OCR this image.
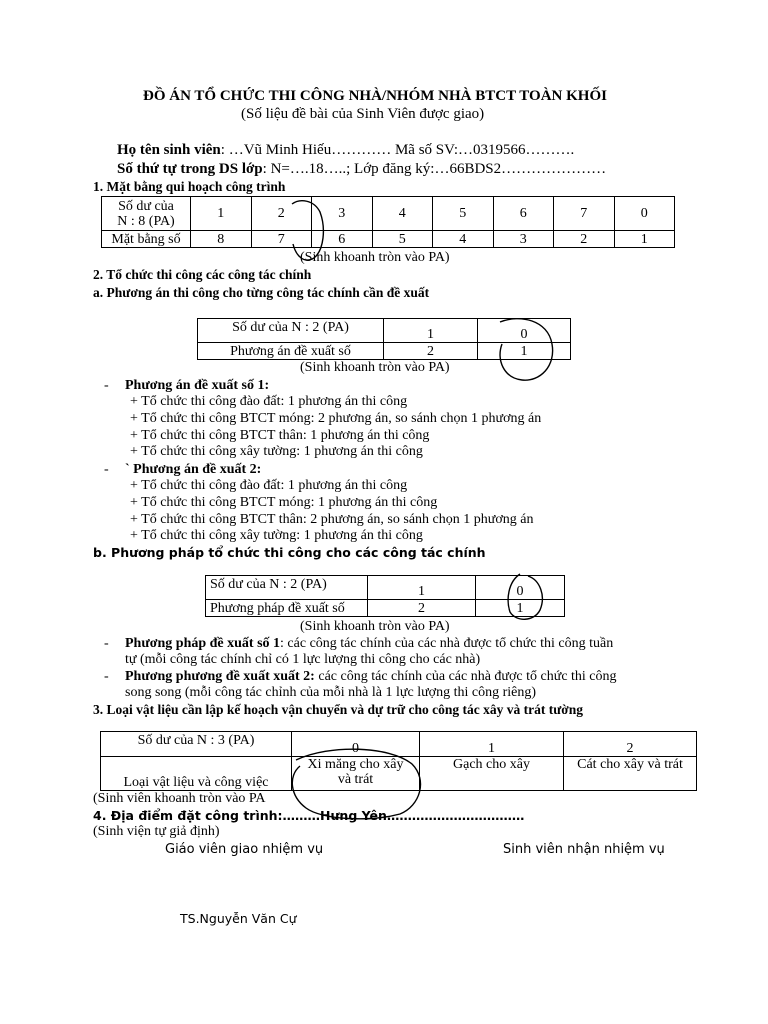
ĐỒ ÁN TỔ CHỨC THI CÔNG NHÀ/NHÓM NHÀ BTCT TOÀN KHỐI
(Số liệu đề bài của Sinh Viên được giao)
Họ tên sinh viên: …Vũ Minh Hiếu………… Mã số SV:…0319566……….
Số thứ tự trong DS lớp: N=….18…..; Lớp đăng ký:…66BDS2…………………
1. Mặt bằng qui hoạch công trình
Số dư của
N : 8 (PA)	1	2	3	4	5	6	7	0
Mặt bằng số	8	7	6	5	4	3	2	1
(Sinh khoanh tròn vào PA)
2. Tổ chức thi công các công tác chính
a. Phương án thi công cho từng công tác chính cần đề xuất
Số dư của N : 2 (PA)	1	0
Phương án đề xuất số	2	1
(Sinh khoanh tròn vào PA)
- Phương án đề xuất số 1:
+ Tổ chức thi công đào đất: 1 phương án thi công
+ Tổ chức thi công BTCT móng: 2 phương án, so sánh chọn 1 phương án
+ Tổ chức thi công BTCT thân: 1 phương án thi công
+ Tổ chức thi công xây tường: 1 phương án thi công
- ` Phương án đề xuất 2:
+ Tổ chức thi công đào đất: 1 phương án thi công
+ Tổ chức thi công BTCT móng: 1 phương án thi công
+ Tổ chức thi công BTCT thân: 2 phương án, so sánh chọn 1 phương án
+ Tổ chức thi công xây tường: 1 phương án thi công
b. Phương pháp tổ chức thi công cho các công tác chính
Số dư của N : 2 (PA)	1	0
Phương pháp đề xuất số	2	1
(Sinh khoanh tròn vào PA)
- Phương pháp đề xuất số 1: các công tác chính của các nhà được tổ chức thi công tuần
tự (mỗi công tác chính chỉ có 1 lực lượng thi công cho các nhà)
- Phương phương đề xuất xuất 2: các công tác chính của các nhà được tổ chức thi công
song song (mỗi công tác chỉnh của mỗi nhà là 1 lực lượng thi công riêng)
3. Loại vật liệu cần lập kế hoạch vận chuyển và dự trữ cho công tác xây và trát tường
Số dư của N : 3 (PA)	0	1	2
Loại vật liệu và công việc	Xi măng cho xây
và trát	Gạch cho xây	Cát cho xây và trát
(Sinh viên khoanh tròn vào PA
4. Địa điểm đặt công trình:………Hưng Yên……………………………
(Sinh viện tự giả định)
Giáo viên giao nhiệm vụ	Sinh viên nhận nhiệm vụ
TS.Nguyễn Văn Cự
